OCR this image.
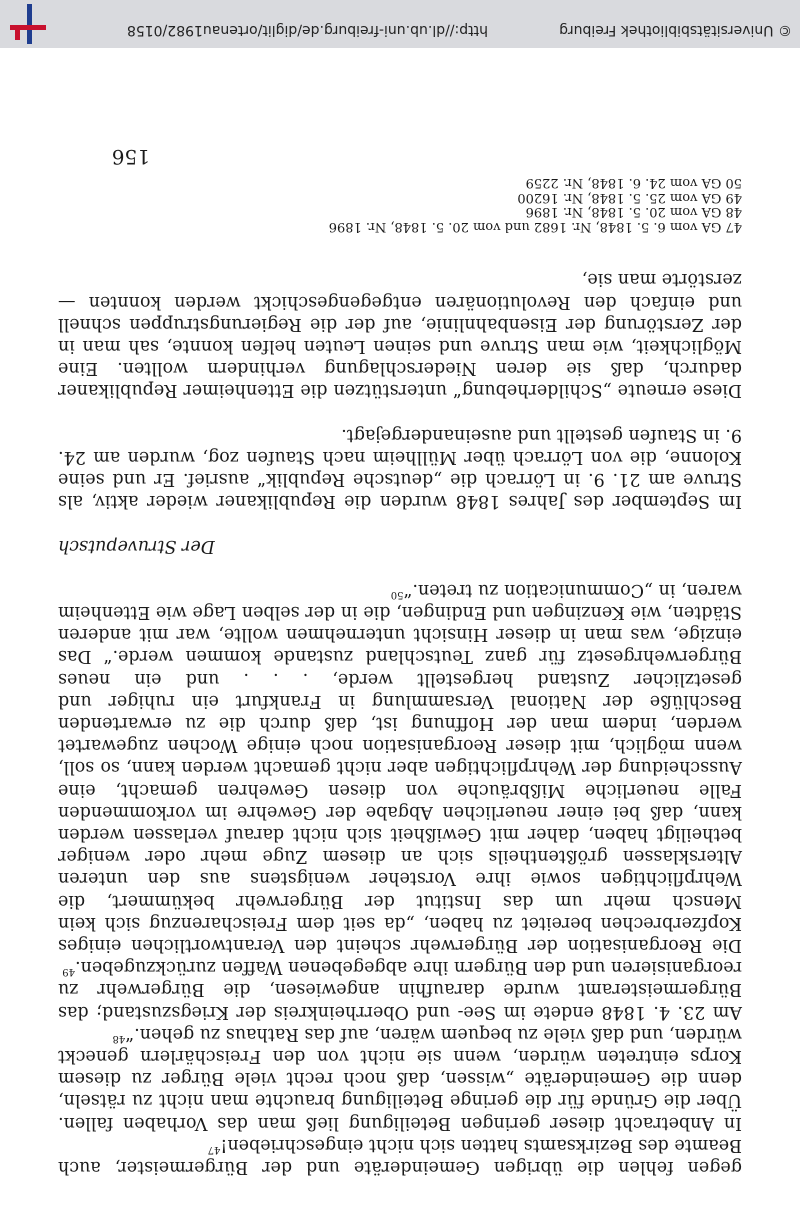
gegen fehlen die übrigen Gemeinderäte und der Bürgermeister, auch Beamte des Bezirksamts hatten sich nicht eingeschrieben!$^{47}$

In Anbetracht dieser geringen Beteiligung ließ man das Vorhaben fallen. Über die Gründe für die geringe Beteiligung brauchte man nicht zu rätseln, denn die Gemeinderäte „wissen, daß noch recht viele Bürger zu diesem Korps eintreten würden, wenn sie nicht von den Freischärlern geneckt würden, und daß viele zu bequem wären, auf das Rathaus zu gehen.“$^{48}$

Am 23. 4. 1848 endete im See- und Oberrheinkreis der Kriegszustand; das Bürgermeisteramt wurde daraufhin angewiesen, die Bürgerwehr zu reorganisieren und den Bürgern ihre abgegebenen Waffen zurückzugeben.$^{49}$

Die Reorganisation der Bürgerwehr scheint den Verantwortlichen einiges Kopfzerbrechen bereitet zu haben, „da seit dem Freischarenzug sich kein Mensch mehr um das Institut der Bürgerwehr bekümmert, die Wehrpflichtigen sowie ihre Vorsteher wenigstens aus den unteren Altersklassen größtentheils sich an diesem Zuge mehr oder weniger betheiligt haben, daher mit Gewißheit sich nicht darauf verlassen werden kann, daß bei einer neuerlichen Abgabe der Gewehre im vorkommenden Falle neuerliche Mißbräuche von diesen Gewehren gemacht, eine Ausscheidung der Wehrpflichtigen aber nicht gemacht werden kann, so soll, wenn möglich, mit dieser Reorganisation noch einige Wochen zugewartet werden, indem man der Hoffnung ist, daß durch die zu erwartenden Beschlüße der National Versammlung in Frankfurt ein ruhiger und gesetzlicher Zustand hergestellt werde, . . . und ein neues Bürgerwehrgesetz für ganz Teutschland zustande kommen werde.“ Das einzige, was man in dieser Hinsicht unternehmen wollte, war mit anderen Städten, wie Kenzingen und Endingen, die in der selben Lage wie Ettenheim waren, in „Communication zu treten.“$^{50}$

Der Struveputsch

Im September des Jahres 1848 wurden die Republikaner wieder aktiv, als Struve am 21. 9. in Lörrach die „deutsche Republik“ ausrief. Er und seine Kolonne, die von Lörrach über Müllheim nach Staufen zog, wurden am 24. 9. in Staufen gestellt und auseinandergejagt.

Diese erneute „Schilderhebung“ unterstützen die Ettenheimer Republikaner dadurch, daß sie deren Niederschlagung verhindern wollten. Eine Möglichkeit, wie man Struve und seinen Leuten helfen konnte, sah man in der Zerstörung der Eisenbahnlinie, auf der die Regierungstruppen schnell und einfach den Revolutionären entgegengeschickt werden konnten — zerstörte man sie,

47 GA vom 6. 5. 1848, Nr. 1682 und vom 20. 5. 1848, Nr. 1896
48 GA vom 20. 5. 1848, Nr. 1896
49 GA vom 25. 5. 1848, Nr. 16200
50 GA vom 24. 6. 1848, Nr. 2259
156
http://dl.ub.uni-freiburg.de/diglit/ortenau1982/0158	© Universitätsbibliothek Freiburg
